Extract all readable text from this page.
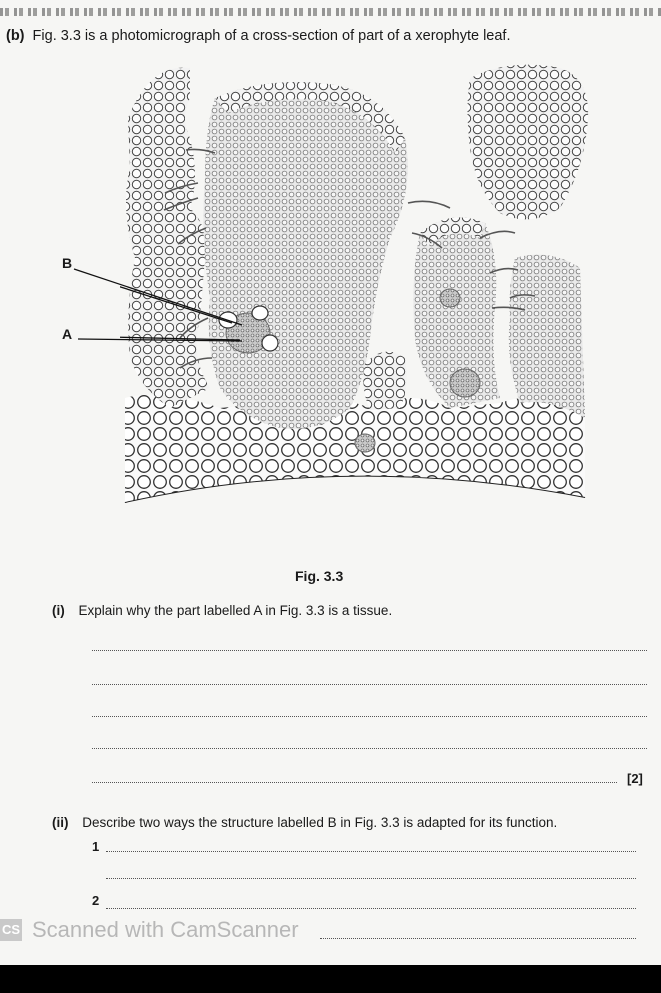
(b) Fig. 3.3 is a photomicrograph of a cross-section of part of a xerophyte leaf.
B
A
Fig. 3.3
(i) Explain why the part labelled A in Fig. 3.3 is a tissue.
[2]
(ii) Describe two ways the structure labelled B in Fig. 3.3 is adapted for its function.
1
2
CS Scanned with CamScanner
